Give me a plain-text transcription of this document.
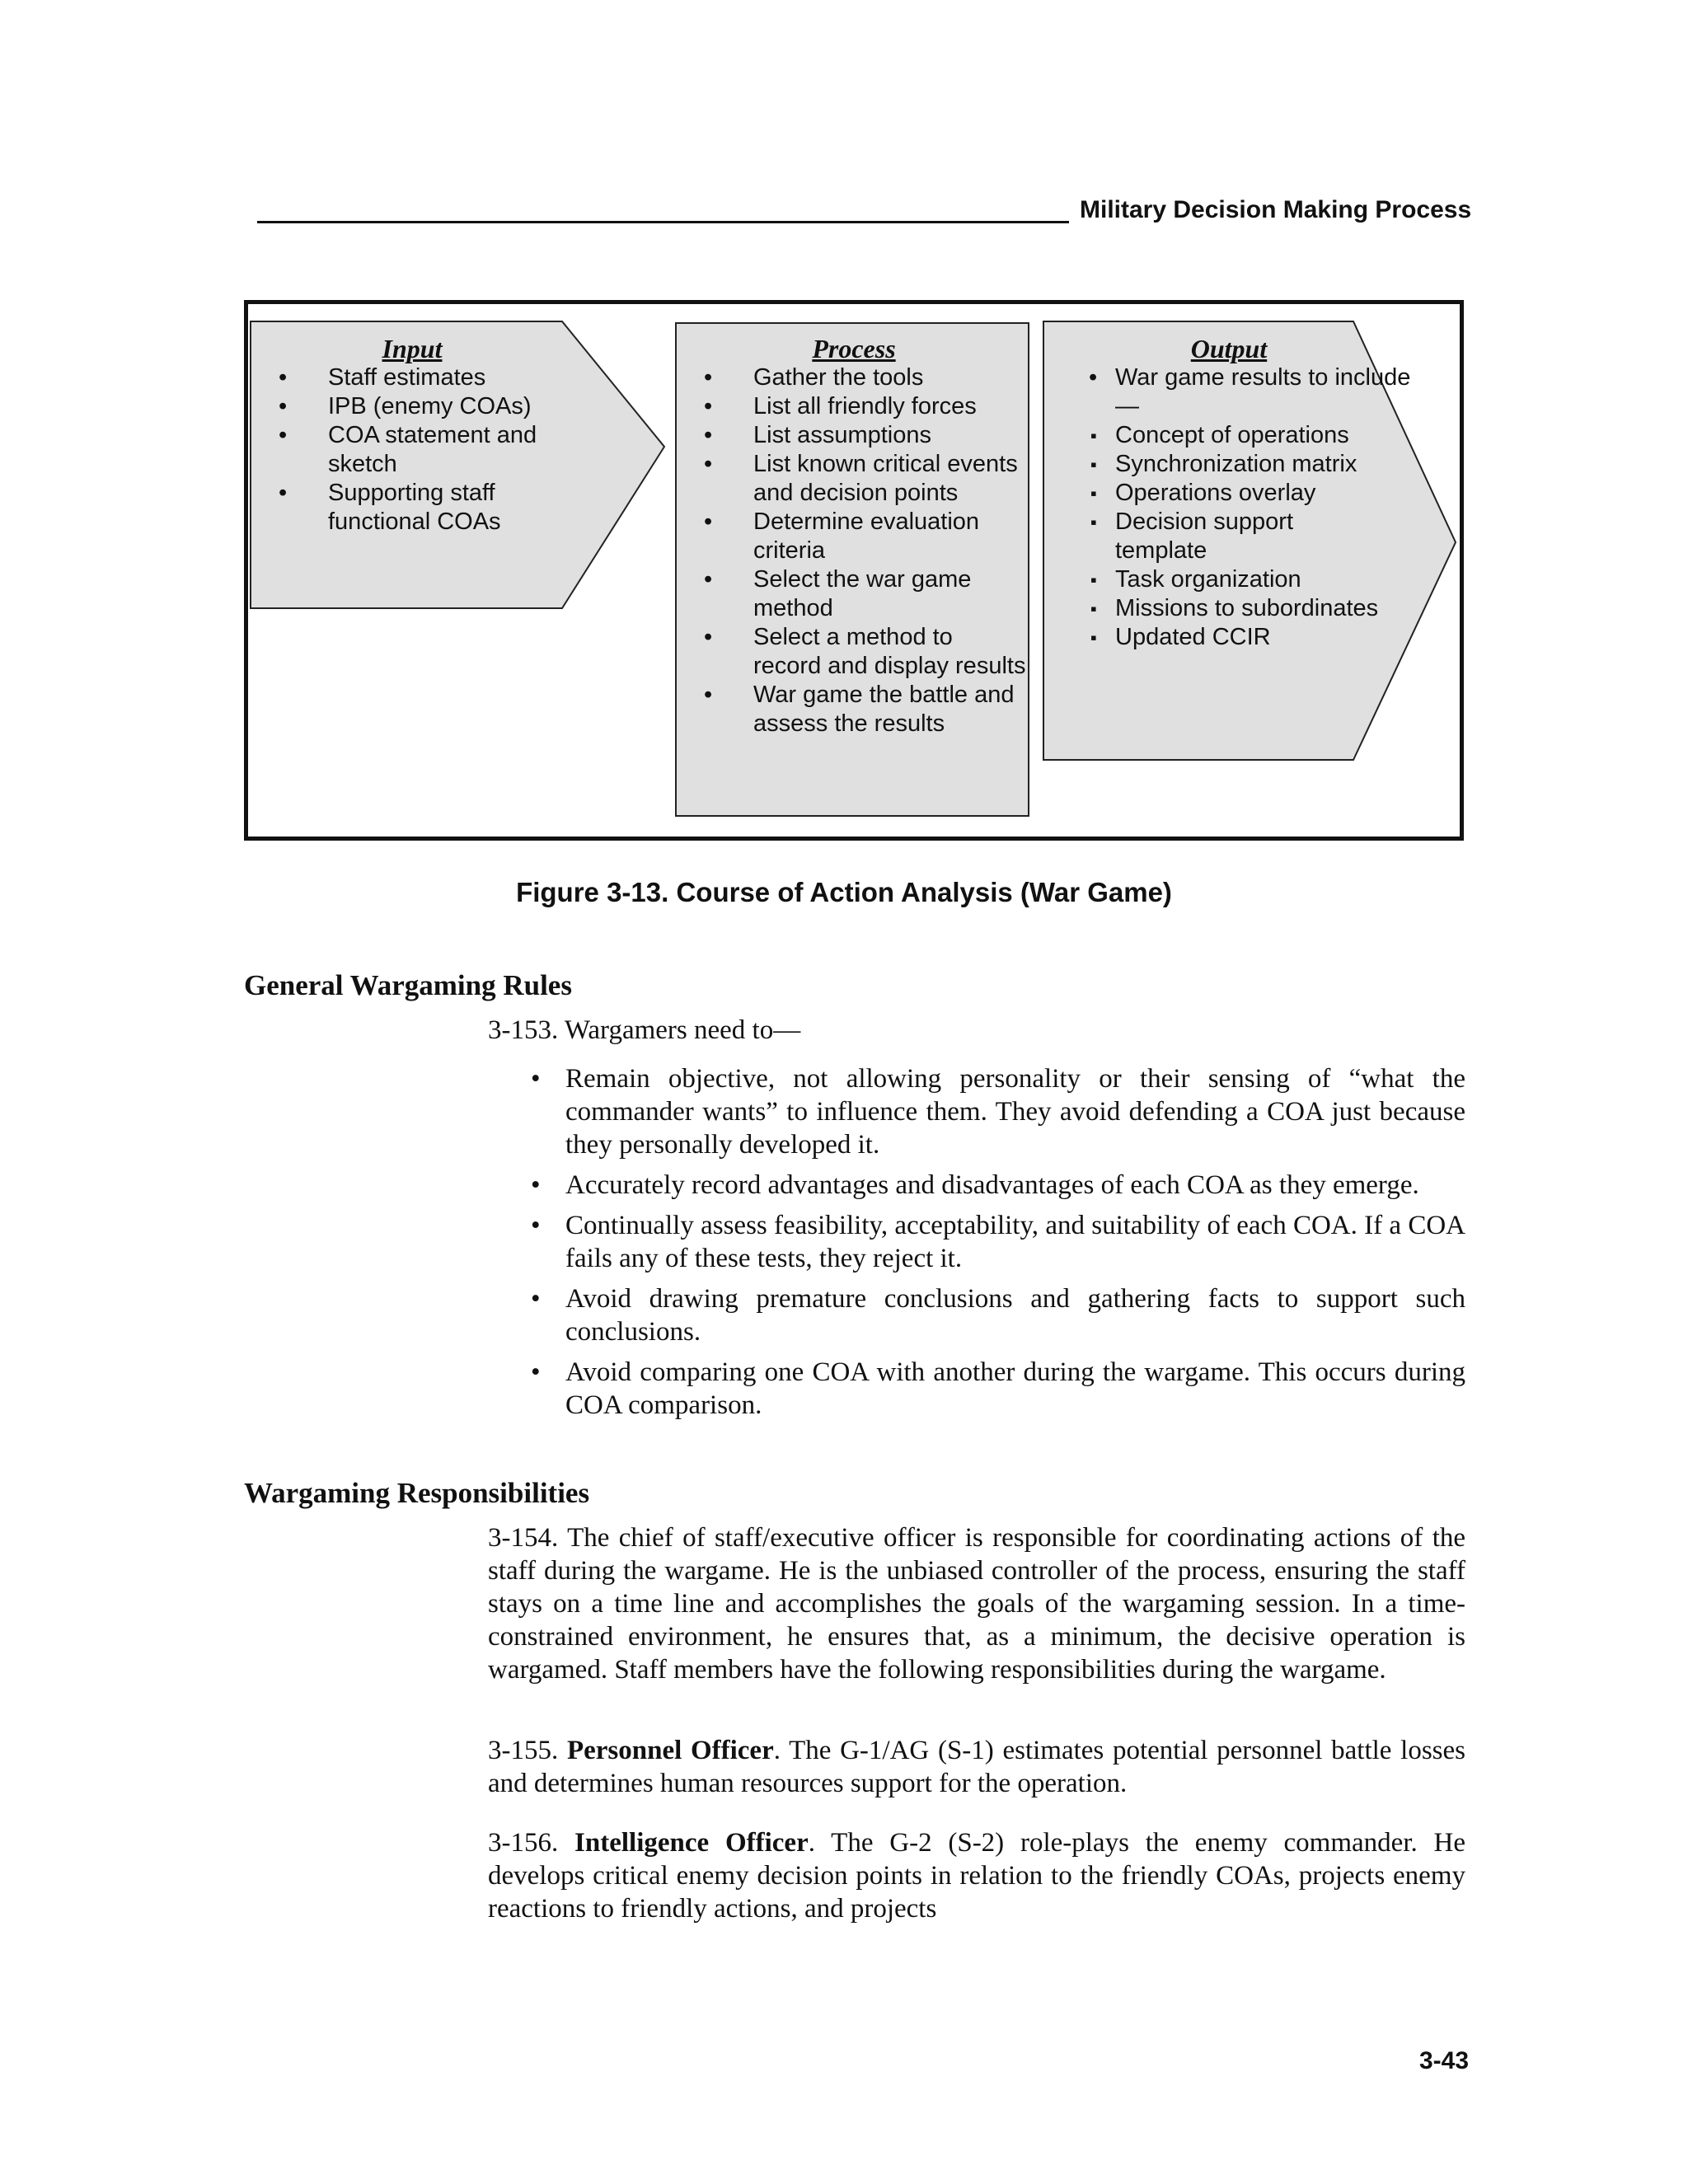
Military Decision Making Process
Input
• Staff estimates
• IPB (enemy COAs)
• COA statement and sketch
• Supporting staff functional COAs
Process
• Gather the tools
• List all friendly forces
• List assumptions
• List known critical events and decision points
• Determine evaluation criteria
• Select the war game method
• Select a method to record and display results
• War game the battle and assess the results
Output
• War game results to include—
▪ Concept of operations
▪ Synchronization matrix
▪ Operations overlay
▪ Decision support template
▪ Task organization
▪ Missions to subordinates
▪ Updated CCIR
Figure 3-13. Course of Action Analysis (War Game)
General Wargaming Rules
3-153. Wargamers need to—
• Remain objective, not allowing personality or their sensing of “what the commander wants” to influence them. They avoid defending a COA just because they personally developed it.
• Accurately record advantages and disadvantages of each COA as they emerge.
• Continually assess feasibility, acceptability, and suitability of each COA. If a COA fails any of these tests, they reject it.
• Avoid drawing premature conclusions and gathering facts to support such conclusions.
• Avoid comparing one COA with another during the wargame. This occurs during COA comparison.
Wargaming Responsibilities
3-154. The chief of staff/executive officer is responsible for coordinating actions of the staff during the wargame. He is the unbiased controller of the process, ensuring the staff stays on a time line and accomplishes the goals of the wargaming session. In a time-constrained environment, he ensures that, as a minimum, the decisive operation is wargamed. Staff members have the following responsibilities during the wargame.
3-155. Personnel Officer. The G-1/AG (S-1) estimates potential personnel battle losses and determines human resources support for the operation.
3-156. Intelligence Officer. The G-2 (S-2) role-plays the enemy commander. He develops critical enemy decision points in relation to the friendly COAs, projects enemy reactions to friendly actions, and projects
3-43
